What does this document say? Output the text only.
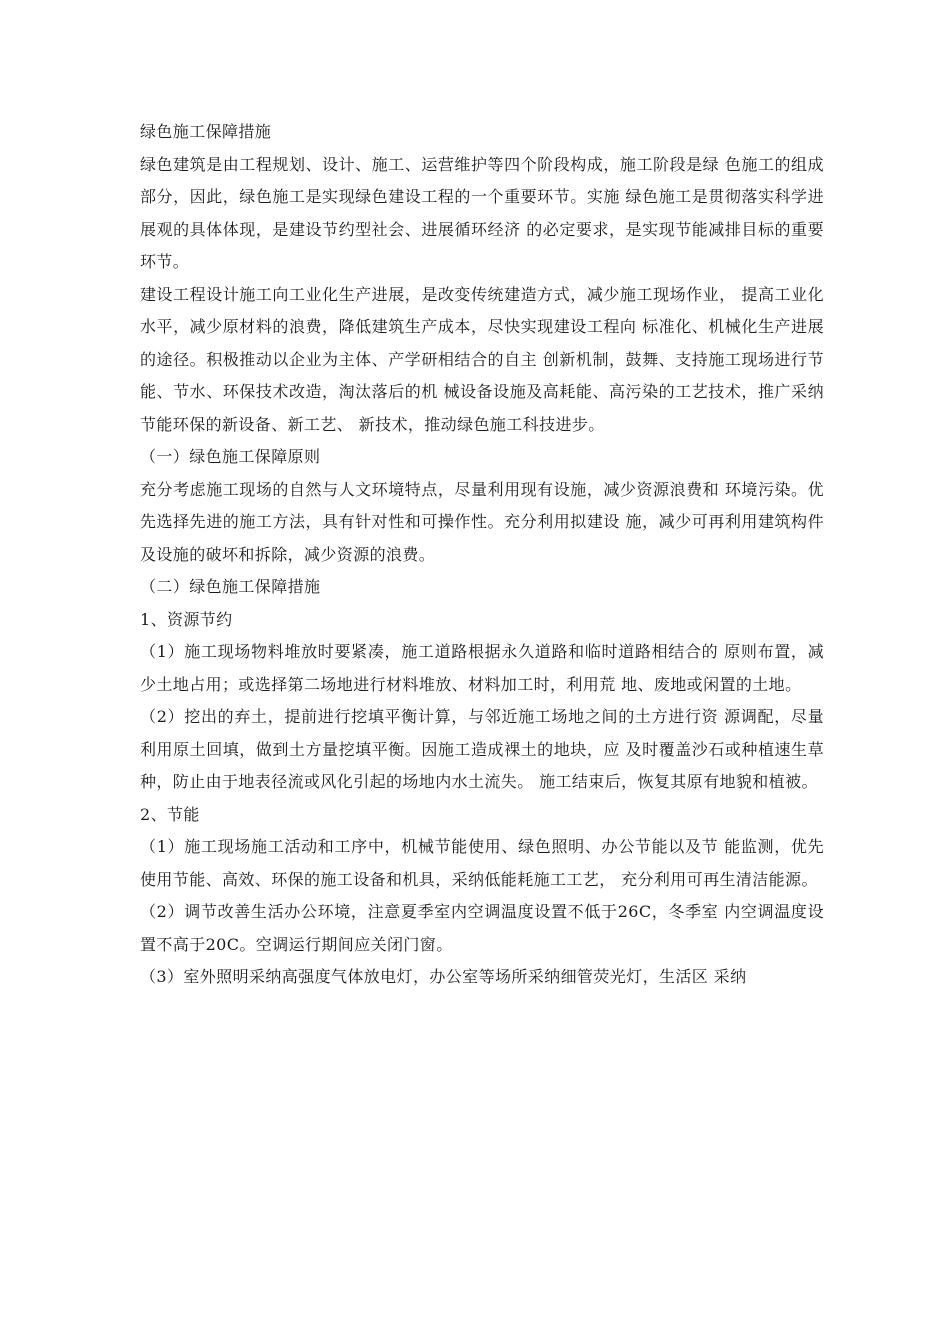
绿色施工保障措施

绿色建筑是由工程规划、设计、施工、运营维护等四个阶段构成，施工阶段是绿 色施工的组成部分，因此，绿色施工是实现绿色建设工程的一个重要环节。实施 绿色施工是贯彻落实科学进展观的具体体现，是建设节约型社会、进展循环经济 的必定要求，是实现节能减排目标的重要环节。

建设工程设计施工向工业化生产进展，是改变传统建造方式，减少施工现场作业， 提高工业化水平，减少原材料的浪费，降低建筑生产成本，尽快实现建设工程向 标准化、机械化生产进展的途径。积极推动以企业为主体、产学研相结合的自主 创新机制，鼓舞、支持施工现场进行节能、节水、环保技术改造，淘汰落后的机 械设备设施及高耗能、高污染的工艺技术，推广采纳节能环保的新设备、新工艺、 新技术，推动绿色施工科技进步。

（一）绿色施工保障原则

充分考虑施工现场的自然与人文环境特点，尽量利用现有设施，减少资源浪费和 环境污染。优先选择先进的施工方法，具有针对性和可操作性。充分利用拟建设 施，减少可再利用建筑构件及设施的破坏和拆除，减少资源的浪费。

（二）绿色施工保障措施

1、资源节约

（1）施工现场物料堆放时要紧凑，施工道路根据永久道路和临时道路相结合的 原则布置，减少土地占用；或选择第二场地进行材料堆放、材料加工时，利用荒 地、废地或闲置的土地。

（2）挖出的弃土，提前进行挖填平衡计算，与邻近施工场地之间的土方进行资 源调配，尽量利用原土回填，做到土方量挖填平衡。因施工造成裸土的地块，应 及时覆盖沙石或种植速生草种，防止由于地表径流或风化引起的场地内水土流失。 施工结束后，恢复其原有地貌和植被。

2、节能

（1）施工现场施工活动和工序中，机械节能使用、绿色照明、办公节能以及节 能监测，优先使用节能、高效、环保的施工设备和机具，采纳低能耗施工工艺， 充分利用可再生清洁能源。

（2）调节改善生活办公环境，注意夏季室内空调温度设置不低于26C，冬季室 内空调温度设置不高于20C。空调运行期间应关闭门窗。

（3）室外照明采纳高强度气体放电灯，办公室等场所采纳细管荧光灯，生活区 采纳
